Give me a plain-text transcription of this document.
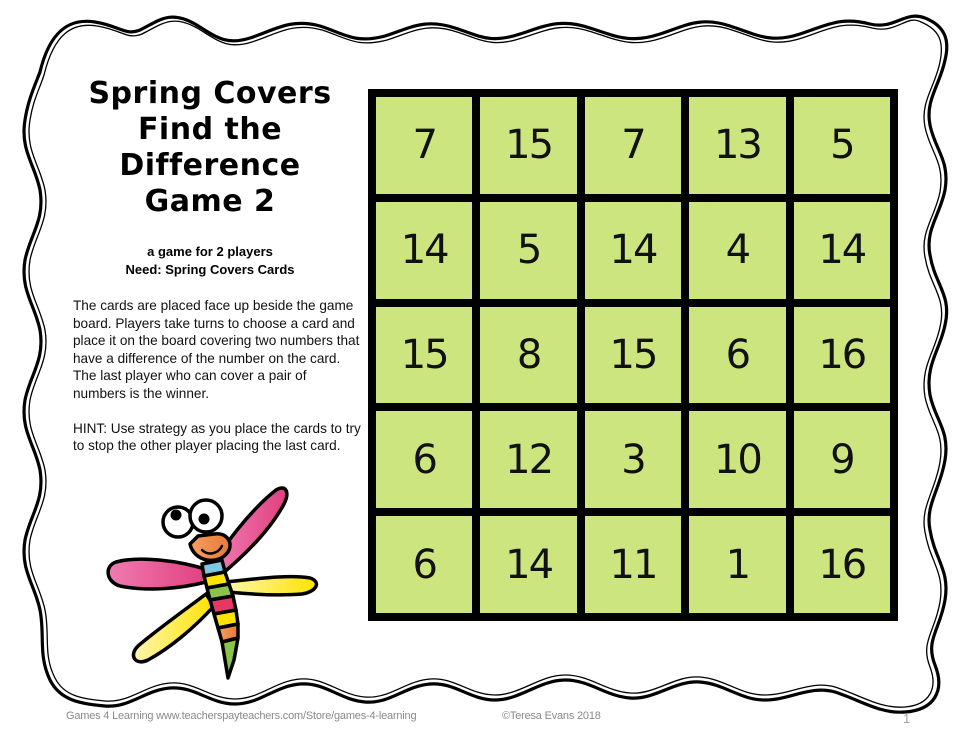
Spring Covers
Find the
Difference
Game 2
a game for 2 players
Need: Spring Covers Cards

The cards are placed face up beside the game board. Players take turns to choose a card and place it on the board covering two numbers that have a difference of the number on the card. The last player who can cover a pair of numbers is the winner.

HINT: Use strategy as you place the cards to try to stop the other player placing the last card.

7	15	7	13	5
14	5	14	4	14
15	8	15	6	16
6	12	3	10	9
6	14	11	1	16
Games 4 Learning www.teacherspayteachers.com/Store/games-4-learning	©Teresa Evans 2018	1
